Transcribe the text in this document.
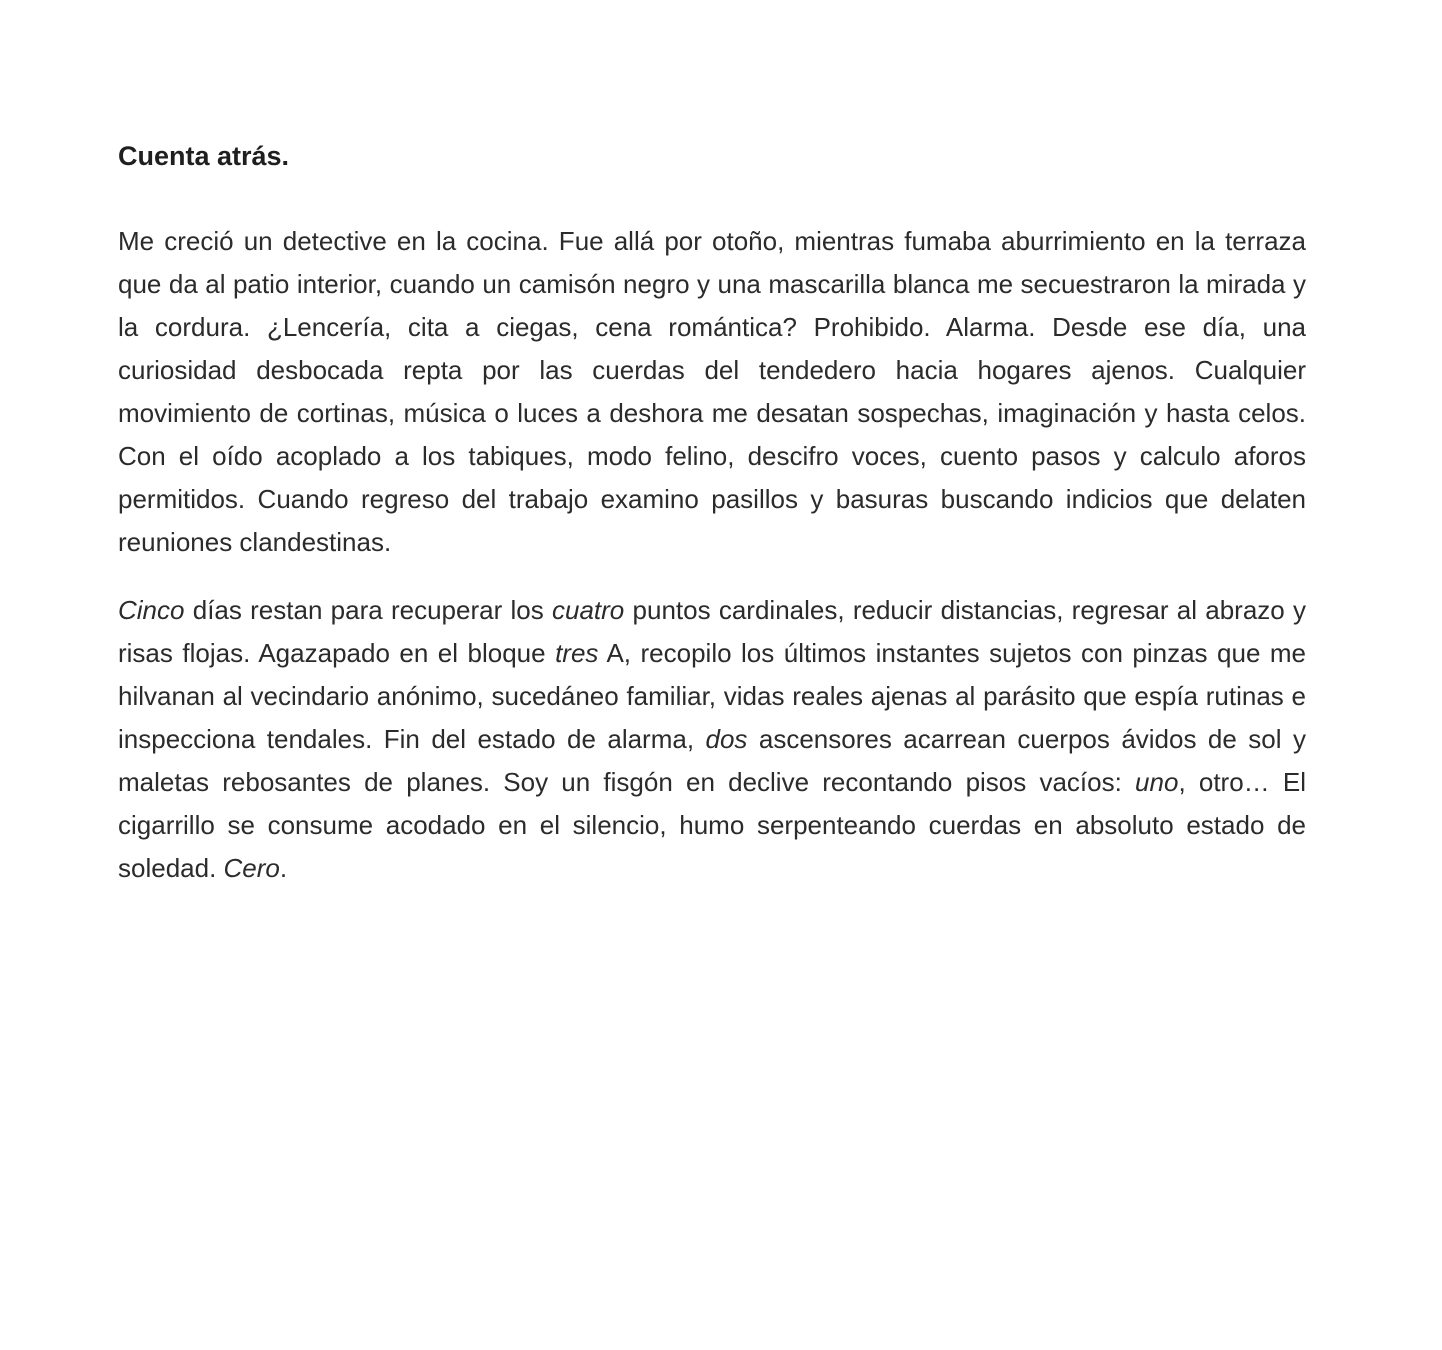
Cuenta atrás.

Me creció un detective en la cocina. Fue allá por otoño, mientras fumaba aburrimiento en la terraza que da al patio interior, cuando un camisón negro y una mascarilla blanca me secuestraron la mirada y la cordura. ¿Lencería, cita a ciegas, cena romántica? Prohibido. Alarma. Desde ese día, una curiosidad desbocada repta por las cuerdas del tendedero hacia hogares ajenos. Cualquier movimiento de cortinas, música o luces a deshora me desatan sospechas, imaginación y hasta celos. Con el oído acoplado a los tabiques, modo felino, descifro voces, cuento pasos y calculo aforos permitidos. Cuando regreso del trabajo examino pasillos y basuras buscando indicios que delaten reuniones clandestinas.

Cinco días restan para recuperar los cuatro puntos cardinales, reducir distancias, regresar al abrazo y risas flojas. Agazapado en el bloque tres A, recopilo los últimos instantes sujetos con pinzas que me hilvanan al vecindario anónimo, sucedáneo familiar, vidas reales ajenas al parásito que espía rutinas e inspecciona tendales. Fin del estado de alarma, dos ascensores acarrean cuerpos ávidos de sol y maletas rebosantes de planes. Soy un fisgón en declive recontando pisos vacíos: uno, otro… El cigarrillo se consume acodado en el silencio, humo serpenteando cuerdas en absoluto estado de soledad. Cero.
